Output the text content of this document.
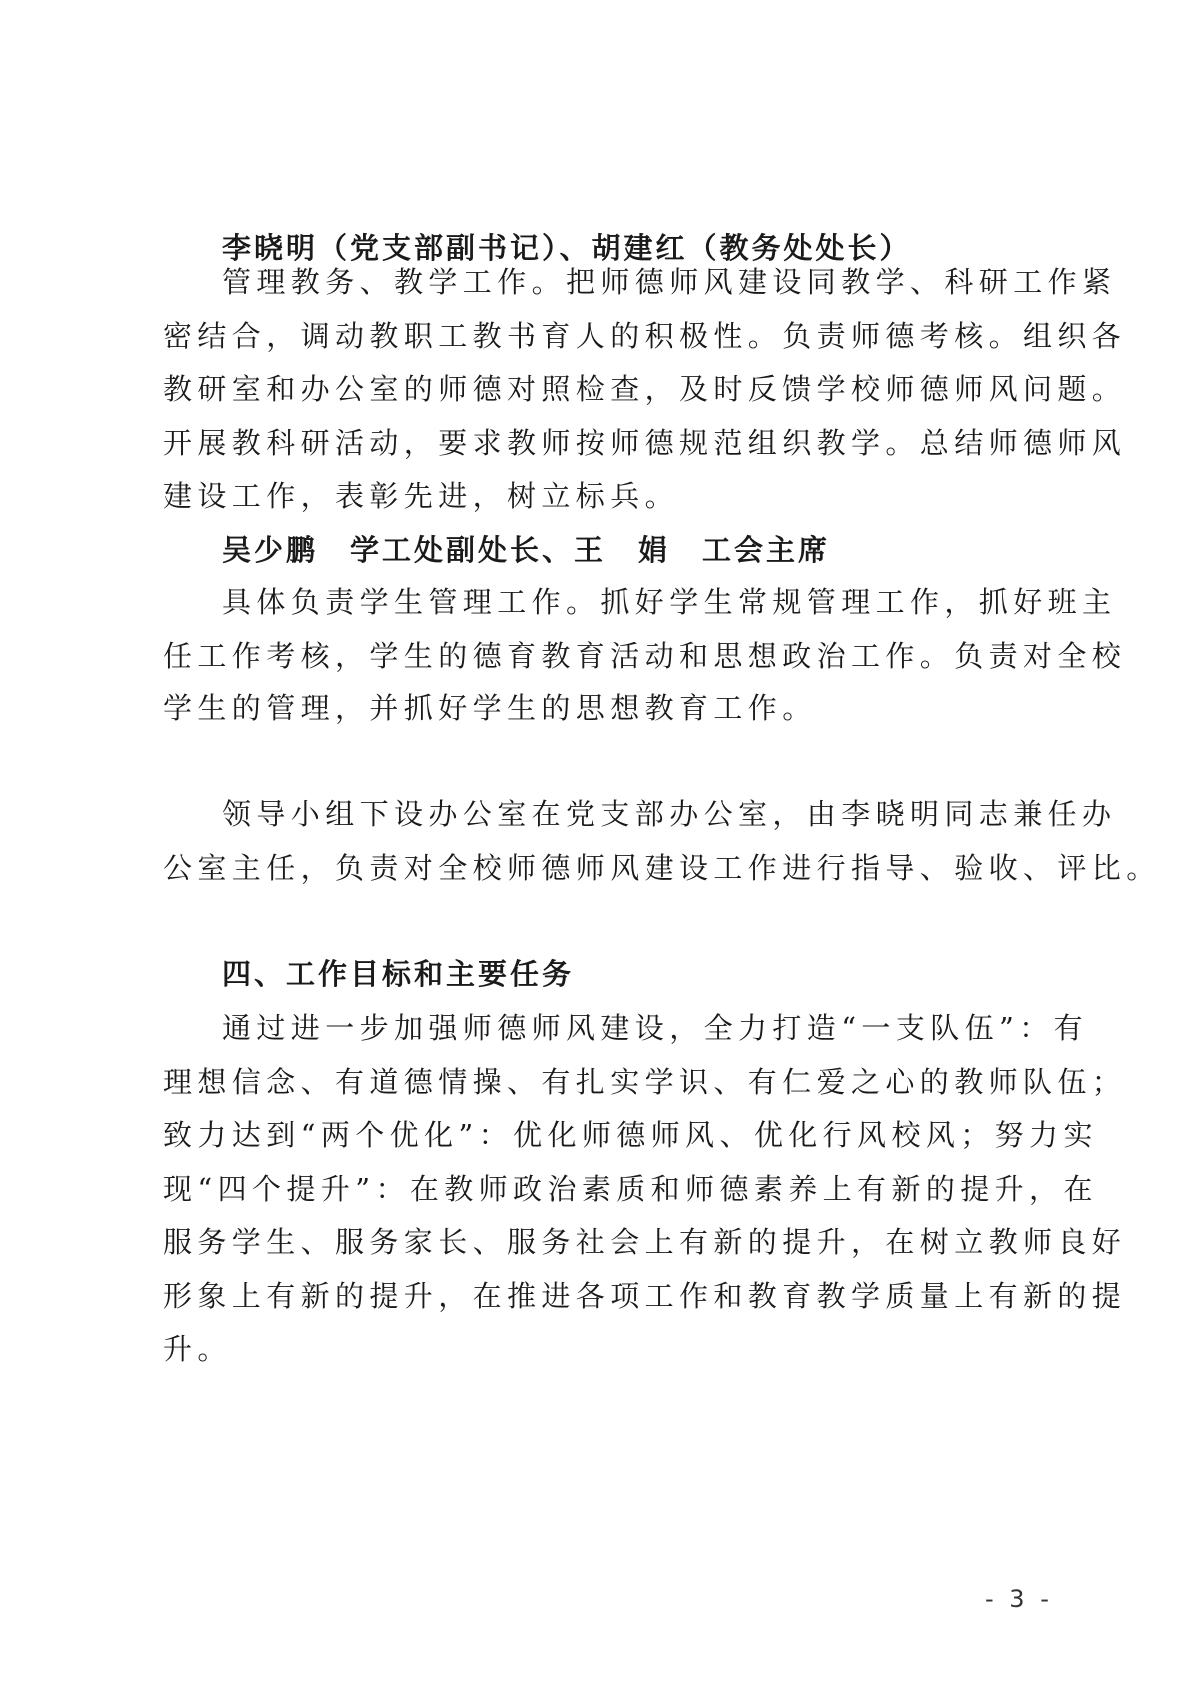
李晓明（党支部副书记）、胡建红（教务处处长）
管理教务、教学工作。把师德师风建设同教学、科研工作紧
密结合，调动教职工教书育人的积极性。负责师德考核。组织各
教研室和办公室的师德对照检查，及时反馈学校师德师风问题。
开展教科研活动，要求教师按师德规范组织教学。总结师德师风
建设工作，表彰先进，树立标兵。
吴少鹏　学工处副处长、王　娟　工会主席
具体负责学生管理工作。抓好学生常规管理工作，抓好班主
任工作考核，学生的德育教育活动和思想政治工作。负责对全校
学生的管理，并抓好学生的思想教育工作。
领导小组下设办公室在党支部办公室，由李晓明同志兼任办
公室主任，负责对全校师德师风建设工作进行指导、验收、评比。
四、工作目标和主要任务
通过进一步加强师德师风建设，全力打造“一支队伍”：有
理想信念、有道德情操、有扎实学识、有仁爱之心的教师队伍；
致力达到“两个优化”：优化师德师风、优化行风校风；努力实
现“四个提升”：在教师政治素质和师德素养上有新的提升，在
服务学生、服务家长、服务社会上有新的提升，在树立教师良好
形象上有新的提升，在推进各项工作和教育教学质量上有新的提
升。
- 3 -
